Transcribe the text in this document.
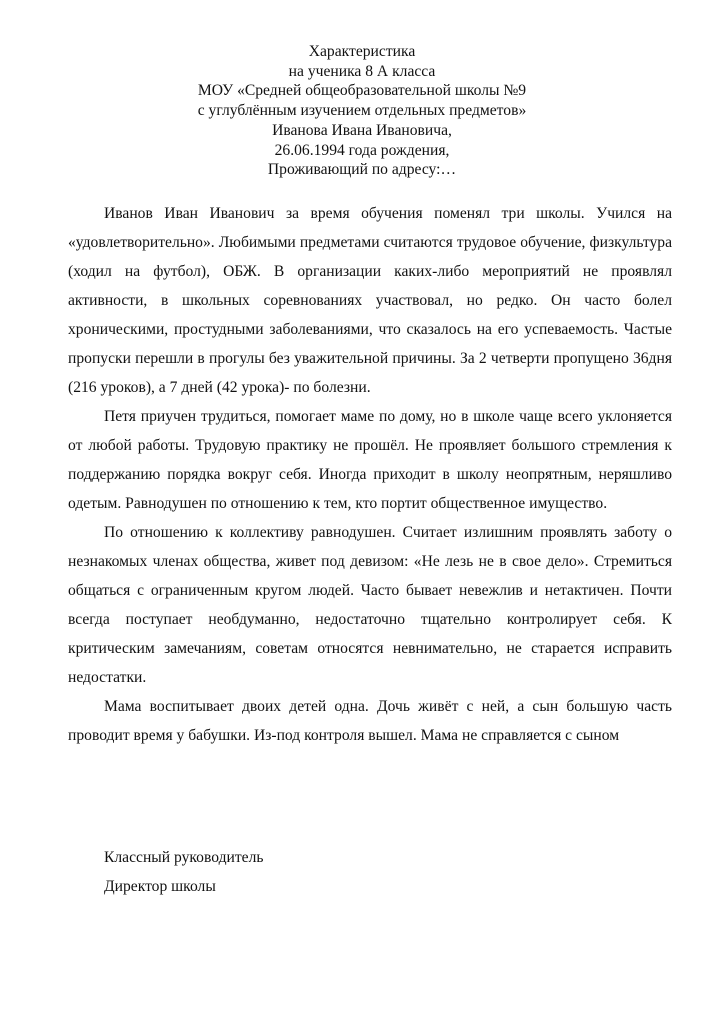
Характеристика
на ученика 8 А класса
МОУ «Средней общеобразовательной школы №9
с углублённым изучением отдельных предметов»
Иванова Ивана Ивановича,
26.06.1994 года рождения,
Проживающий по адресу:…

Иванов Иван Иванович за время обучения поменял три школы. Учился на «удовлетворительно». Любимыми предметами считаются трудовое обучение, физкультура (ходил на футбол), ОБЖ. В организации каких-либо мероприятий не проявлял активности, в школьных соревнованиях участвовал, но редко. Он часто болел хроническими, простудными заболеваниями, что сказалось на его успеваемость. Частые пропуски перешли в прогулы без уважительной причины. За 2 четверти пропущено 36дня (216 уроков), а 7 дней (42 урока)- по болезни.

Петя приучен трудиться, помогает маме по дому, но в школе чаще всего уклоняется от любой работы. Трудовую практику не прошёл. Не проявляет большого стремления к поддержанию порядка вокруг себя. Иногда приходит в школу неопрятным, неряшливо одетым. Равнодушен по отношению к тем, кто портит общественное имущество.

По отношению к коллективу равнодушен. Считает излишним проявлять заботу о незнакомых членах общества, живет под девизом: «Не лезь не в свое дело». Стремиться общаться с ограниченным кругом людей. Часто бывает невежлив и нетактичен. Почти всегда поступает необдуманно, недостаточно тщательно контролирует себя. К критическим замечаниям, советам относятся невнимательно, не старается исправить недостатки.

Мама воспитывает двоих детей одна. Дочь живёт с ней, а сын большую часть проводит время у бабушки. Из-под контроля вышел. Мама не справляется с сыном

Классный руководитель
Директор школы
